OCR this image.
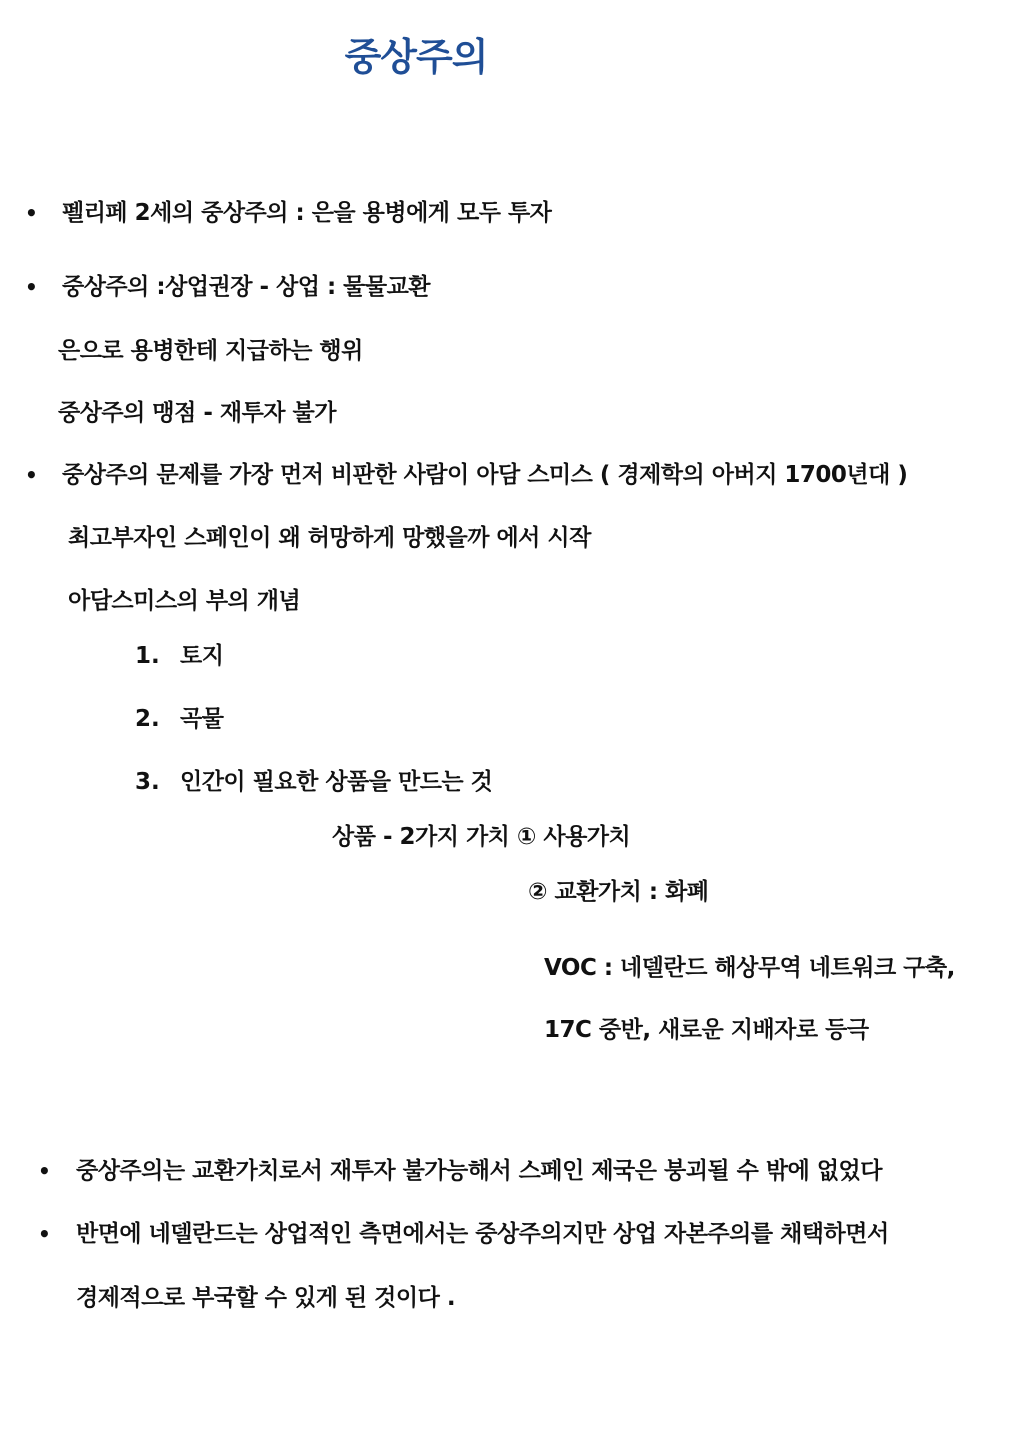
중상주의
• 펠리페 2세의 중상주의 : 은을 용병에게 모두 투자
• 중상주의 :상업권장 - 상업 : 물물교환
은으로 용병한테 지급하는 행위
중상주의 맹점 - 재투자 불가
• 중상주의 문제를 가장 먼저 비판한 사람이 아담 스미스 ( 경제학의 아버지 1700년대 )
최고부자인 스페인이 왜 허망하게 망했을까 에서 시작
아담스미스의 부의 개념
1. 토지
2. 곡물
3. 인간이 필요한 상품을 만드는 것
상품 - 2가지 가치 ① 사용가치
② 교환가치 : 화폐
VOC : 네델란드 해상무역 네트워크 구축,
17C 중반, 새로운 지배자로 등극
• 중상주의는 교환가치로서 재투자 불가능해서 스페인 제국은 붕괴될 수 밖에 없었다
• 반면에 네델란드는 상업적인 측면에서는 중상주의지만 상업 자본주의를 채택하면서
경제적으로 부국할 수 있게 된 것이다 .
